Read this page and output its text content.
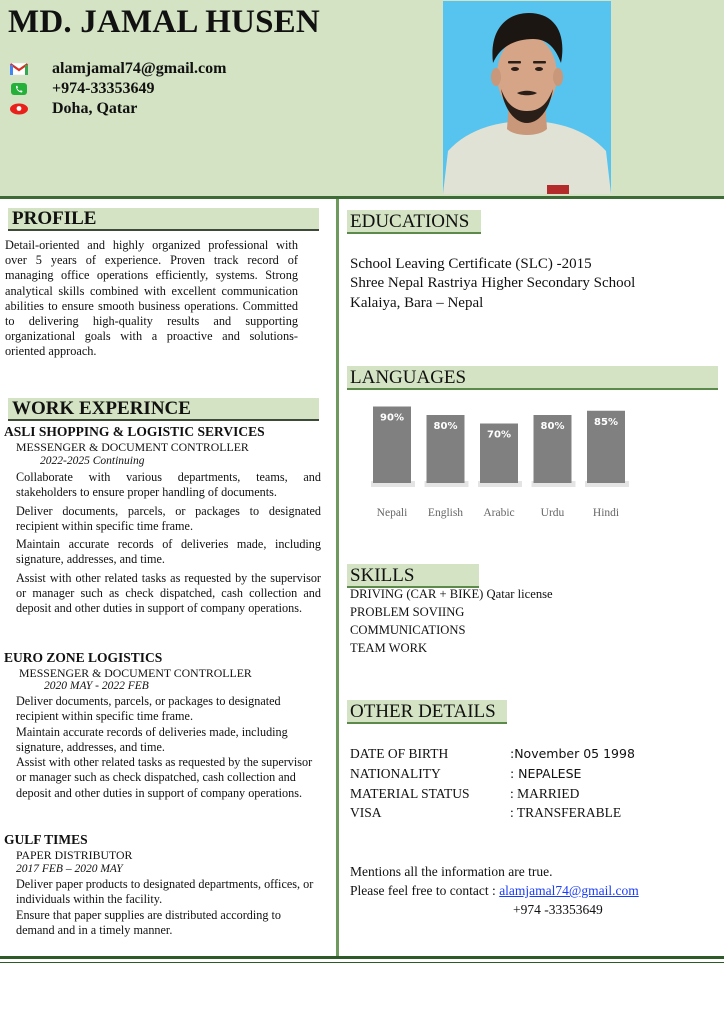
MD. JAMAL HUSEN
alamjamal74@gmail.com
+974-33353649
Doha, Qatar
PROFILE
Detail-oriented and highly organized professional with over 5 years of experience. Proven track record of managing office operations efficiently, systems. Strong analytical skills combined with excellent communication abilities to ensure smooth business operations. Committed to delivering high-quality results and supporting organizational goals with a proactive and solutions-oriented approach.
WORK EXPERINCE
ASLI SHOPPING & LOGISTIC SERVICES
MESSENGER & DOCUMENT CONTROLLER
2022-2025 Continuing
Collaborate with various departments, teams, and stakeholders to ensure proper handling of documents.
Deliver documents, parcels, or packages to designated recipient within specific time frame.
Maintain accurate records of deliveries made, including signature, addresses, and time.
Assist with other related tasks as requested by the supervisor or manager such as check dispatched, cash collection and deposit and other duties in support of company operations.
EURO ZONE LOGISTICS
MESSENGER & DOCUMENT CONTROLLER
2020 MAY - 2022 FEB
Deliver documents, parcels, or packages to designated recipient within specific time frame.
Maintain accurate records of deliveries made, including signature, addresses, and time.
Assist with other related tasks as requested by the supervisor or manager such as check dispatched, cash collection and deposit and other duties in support of company operations.
GULF TIMES
PAPER DISTRIBUTOR
2017 FEB – 2020 MAY
Deliver paper products to designated departments, offices, or individuals within the facility.
Ensure that paper supplies are distributed according to demand and in a timely manner.
EDUCATIONS
School Leaving Certificate (SLC) -2015
Shree Nepal Rastriya Higher Secondary School
Kalaiya, Bara – Nepal
LANGUAGES
90%
Nepali
80%
English
70%
Arabic
80%
Urdu
85%
Hindi
SKILLS
DRIVING (CAR + BIKE) Qatar license
PROBLEM SOVIING
COMMUNICATIONS
TEAM WORK
OTHER DETAILS
DATE OF BIRTH	:November 05 1998
NATIONALITY	: NEPALESE
MATERIAL STATUS	: MARRIED
VISA	: TRANSFERABLE
Mentions all the information are true.
Please feel free to contact : alamjamal74@gmail.com
+974 -33353649
